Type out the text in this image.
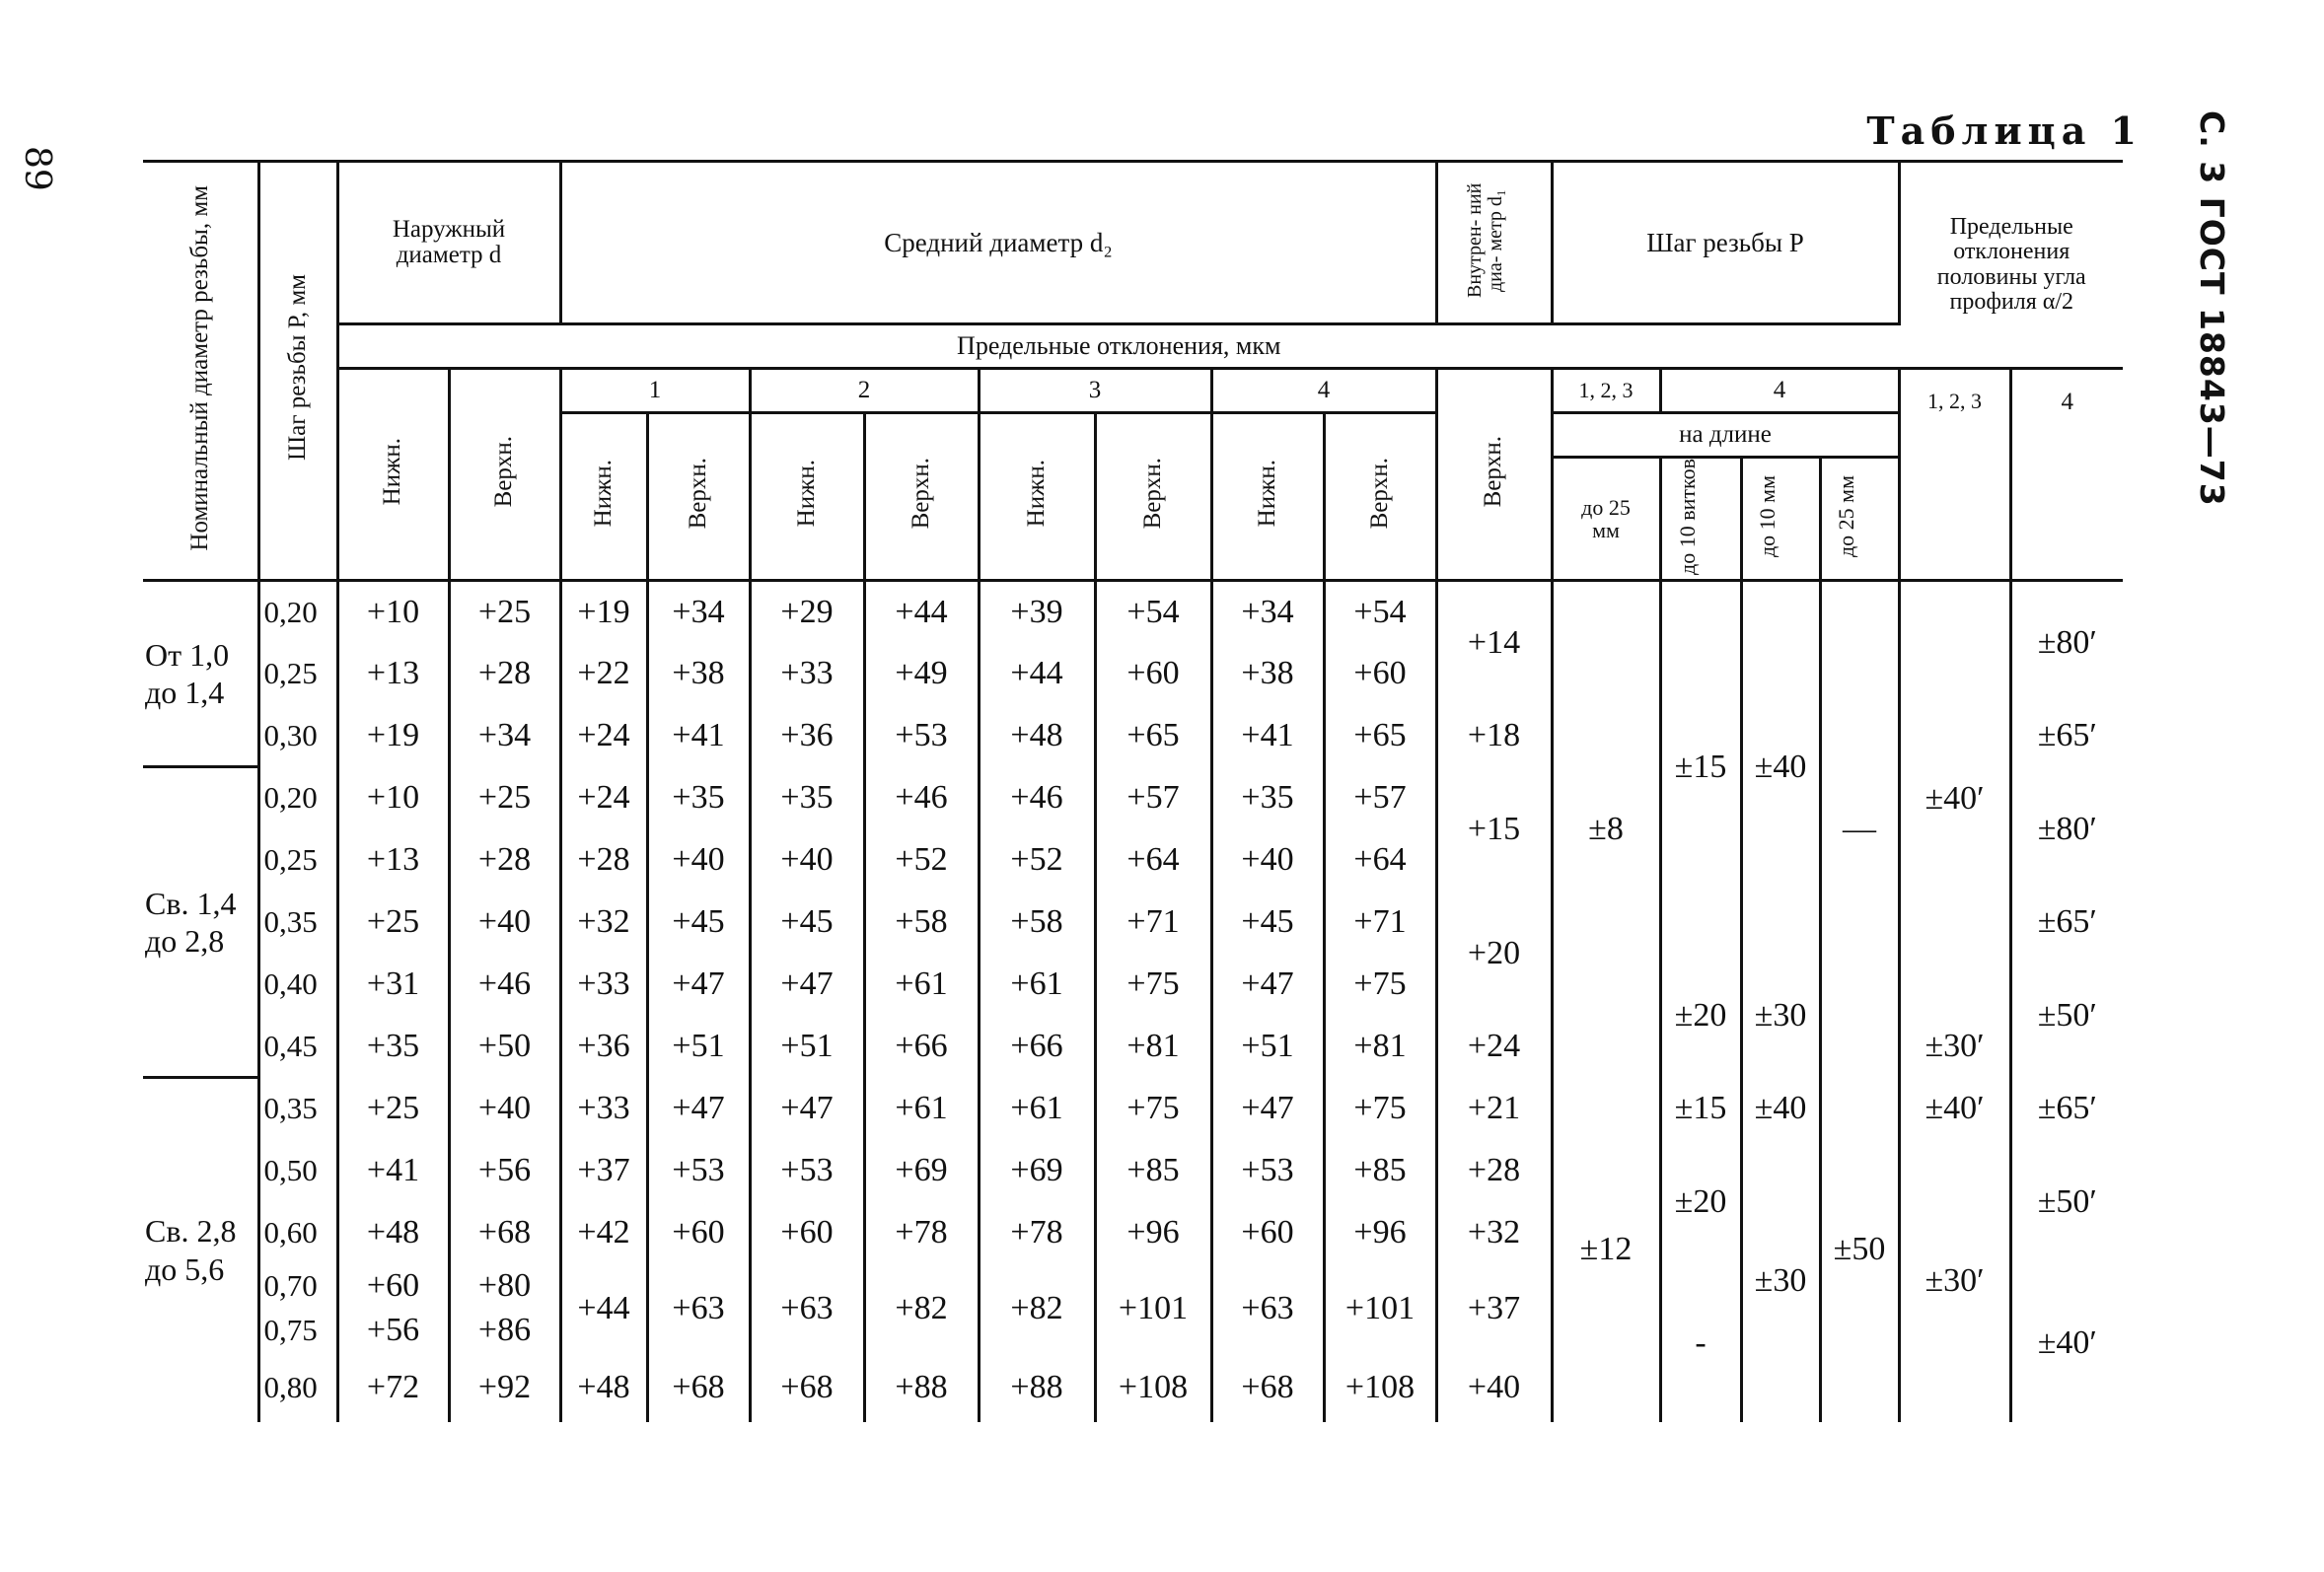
89	С. 3 ГОСТ 18843—73
Таблица 1
Номинальный диаметр резьбы, мм	Шаг резьбы P, мм	Наружный диаметр d		Средний диаметр d₂								Внутрен- ний диа- метр d₁	Шаг резьбы P				Предельные отклонения половины угла профиля α/2	
		Предельные отклонения, мкм																
		Нижн.	Верхн.	1		2		3		4		Верхн.	1, 2, 3	4			1, 2, 3	4
				Нижн.	Верхн.	Нижн.	Верхн.	Нижн.	Верхн.	Нижн.	Верхн.		на длине					
													до 25 мм	до 10 витков	до 10 мм	до 25 мм		
От 1,0 до 1,4	0,20	+10	+25	+19	+34	+29	+44	+39	+54	+34	+54	+14	±8	±15	±40	—	±40′	±80′
	0,25	+13	+28	+22	+38	+33	+49	+44	+60	+38	+60							
	0,30	+19	+34	+24	+41	+36	+53	+48	+65	+41	+65	+18						±65′
Св. 1,4 до 2,8	0,20	+10	+25	+24	+35	+35	+46	+46	+57	+35	+57	+15						±80′
	0,25	+13	+28	+28	+40	+40	+52	+52	+64	+40	+64							
	0,35	+25	+40	+32	+45	+45	+58	+58	+71	+45	+71	+20						±65′
	0,40	+31	+46	+33	+47	+47	+61	+61	+75	+47	+75			±20	±30			±50′
	0,45	+35	+50	+36	+51	+51	+66	+66	+81	+51	+81	+24					±30′	
Св. 2,8 до 5,6	0,35	+25	+40	+33	+47	+47	+61	+61	+75	+47	+75	+21	±12	±15	±40	±50	±40′	±65′
	0,50	+41	+56	+37	+53	+53	+69	+69	+85	+53	+85	+28		±20	±30		±30′	±50′
	0,60	+48	+68	+42	+60	+60	+78	+78	+96	+60	+96	+32						
	0,70	+60	+80	+44	+63	+63	+82	+82	+101	+63	+101	+37		-				±40′
	0,75	+56	+86															
	0,80	+72	+92	+48	+68	+68	+88	+88	+108	+68	+108	+40						
